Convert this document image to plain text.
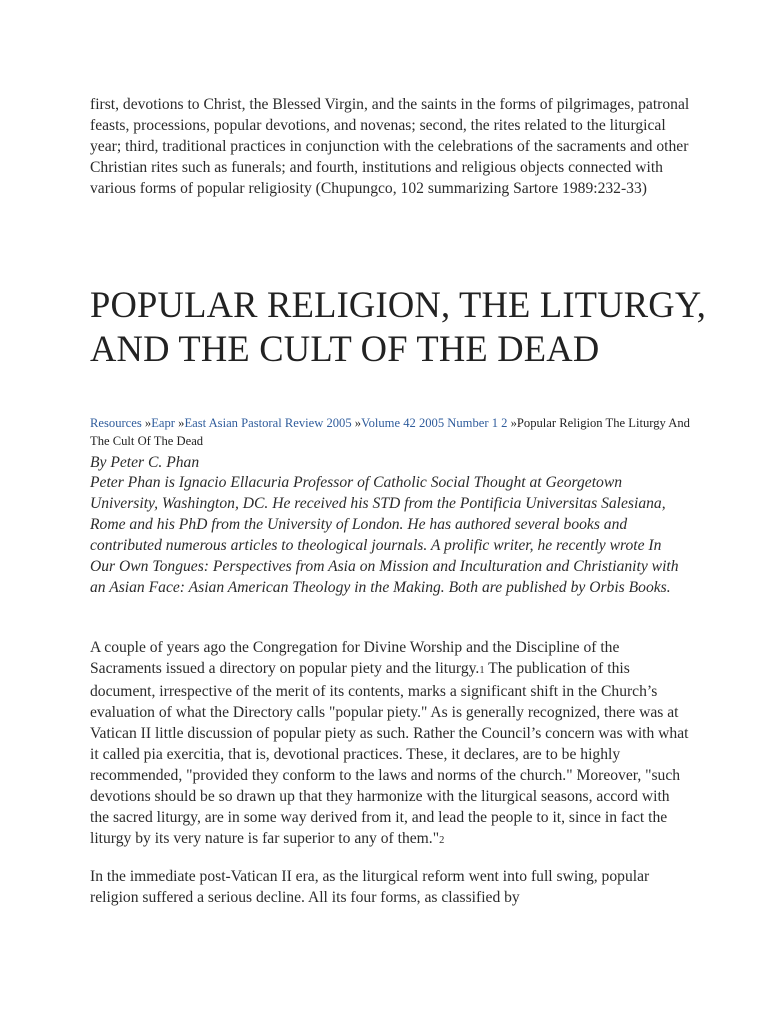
first, devotions to Christ, the Blessed Virgin, and the saints in the forms of pilgrimages, patronal feasts, processions, popular devotions, and novenas; second, the rites related to the liturgical year; third, traditional practices in conjunction with the celebrations of the sacraments and other Christian rites such as funerals; and fourth, institutions and religious objects connected with various forms of popular religiosity (Chupungco, 102 summarizing Sartore 1989:232-33)

POPULAR RELIGION, THE LITURGY, AND THE CULT OF THE DEAD
Resources »Eapr »East Asian Pastoral Review 2005 »Volume 42 2005 Number 1 2 »Popular Religion The Liturgy And The Cult Of The Dead

By Peter C. Phan

Peter Phan is Ignacio Ellacuria Professor of Catholic Social Thought at Georgetown University, Washington, DC. He received his STD from the Pontificia Universitas Salesiana, Rome and his PhD from the University of London. He has authored several books and contributed numerous articles to theological journals. A prolific writer, he recently wrote In Our Own Tongues: Perspectives from Asia on Mission and Inculturation and Christianity with an Asian Face: Asian American Theology in the Making. Both are published by Orbis Books.

A couple of years ago the Congregation for Divine Worship and the Discipline of the Sacraments issued a directory on popular piety and the liturgy.1 The publication of this document, irrespective of the merit of its contents, marks a significant shift in the Church’s evaluation of what the Directory calls "popular piety." As is generally recognized, there was at Vatican II little discussion of popular piety as such. Rather the Council’s concern was with what it called pia exercitia, that is, devotional practices. These, it declares, are to be highly recommended, "provided they conform to the laws and norms of the church." Moreover, "such devotions should be so drawn up that they harmonize with the liturgical seasons, accord with the sacred liturgy, are in some way derived from it, and lead the people to it, since in fact the liturgy by its very nature is far superior to any of them."2

In the immediate post-Vatican II era, as the liturgical reform went into full swing, popular religion suffered a serious decline. All its four forms, as classified by
